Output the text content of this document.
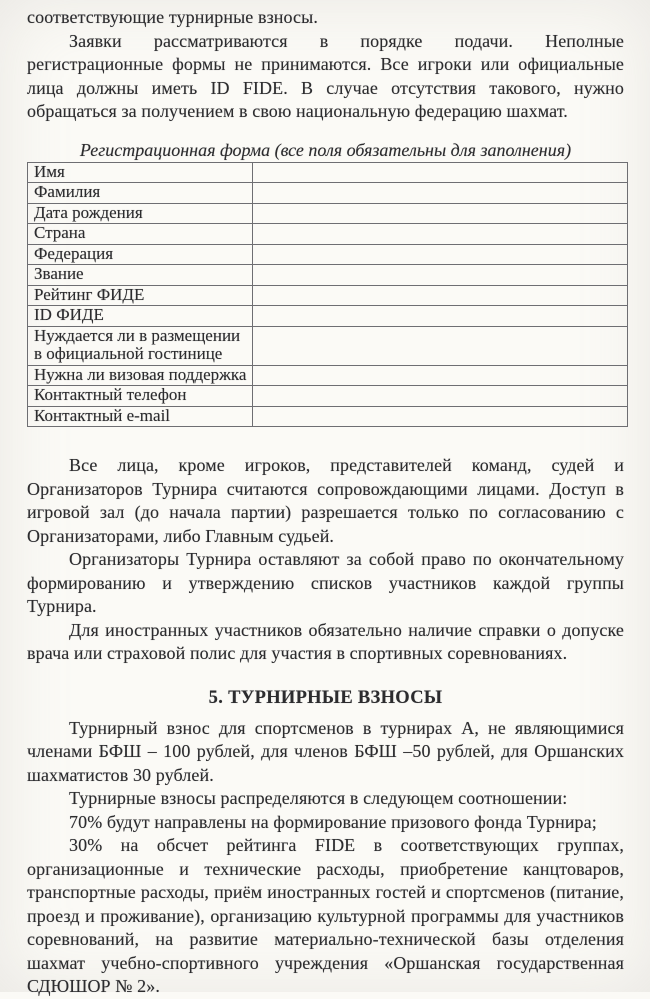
соответствующие турнирные взносы.

Заявки рассматриваются в порядке подачи. Неполные регистрационные формы не принимаются. Все игроки или официальные лица должны иметь ID FIDE. В случае отсутствия такового, нужно обращаться за получением в свою национальную федерацию шахмат.

Регистрационная форма (все поля обязательны для заполнения)
Имя	
Фамилия	
Дата рождения	
Страна	
Федерация	
Звание	
Рейтинг ФИДЕ	
ID ФИДЕ	
Нуждается ли в размещении в официальной гостинице	
Нужна ли визовая поддержка	
Контактный телефон	
Контактный e-mail	

Все лица, кроме игроков, представителей команд, судей и Организаторов Турнира считаются сопровождающими лицами. Доступ в игровой зал (до начала партии) разрешается только по согласованию с Организаторами, либо Главным судьей.

Организаторы Турнира оставляют за собой право по окончательному формированию и утверждению списков участников каждой группы Турнира.

Для иностранных участников обязательно наличие справки о допуске врача или страховой полис для участия в спортивных соревнованиях.

5. ТУРНИРНЫЕ ВЗНОСЫ

Турнирный взнос для спортсменов в турнирах А, не являющимися членами БФШ – 100 рублей, для членов БФШ –50 рублей, для Оршанских шахматистов 30 рублей.

Турнирные взносы распределяются в следующем соотношении:

70% будут направлены на формирование призового фонда Турнира;

30% на обсчет рейтинга FIDE в соответствующих группах, организационные и технические расходы, приобретение канцтоваров, транспортные расходы, приём иностранных гостей и спортсменов (питание, проезд и проживание), организацию культурной программы для участников соревнований, на развитие материально-технической базы отделения шахмат учебно-спортивного учреждения «Оршанская государственная СДЮШОР № 2».
